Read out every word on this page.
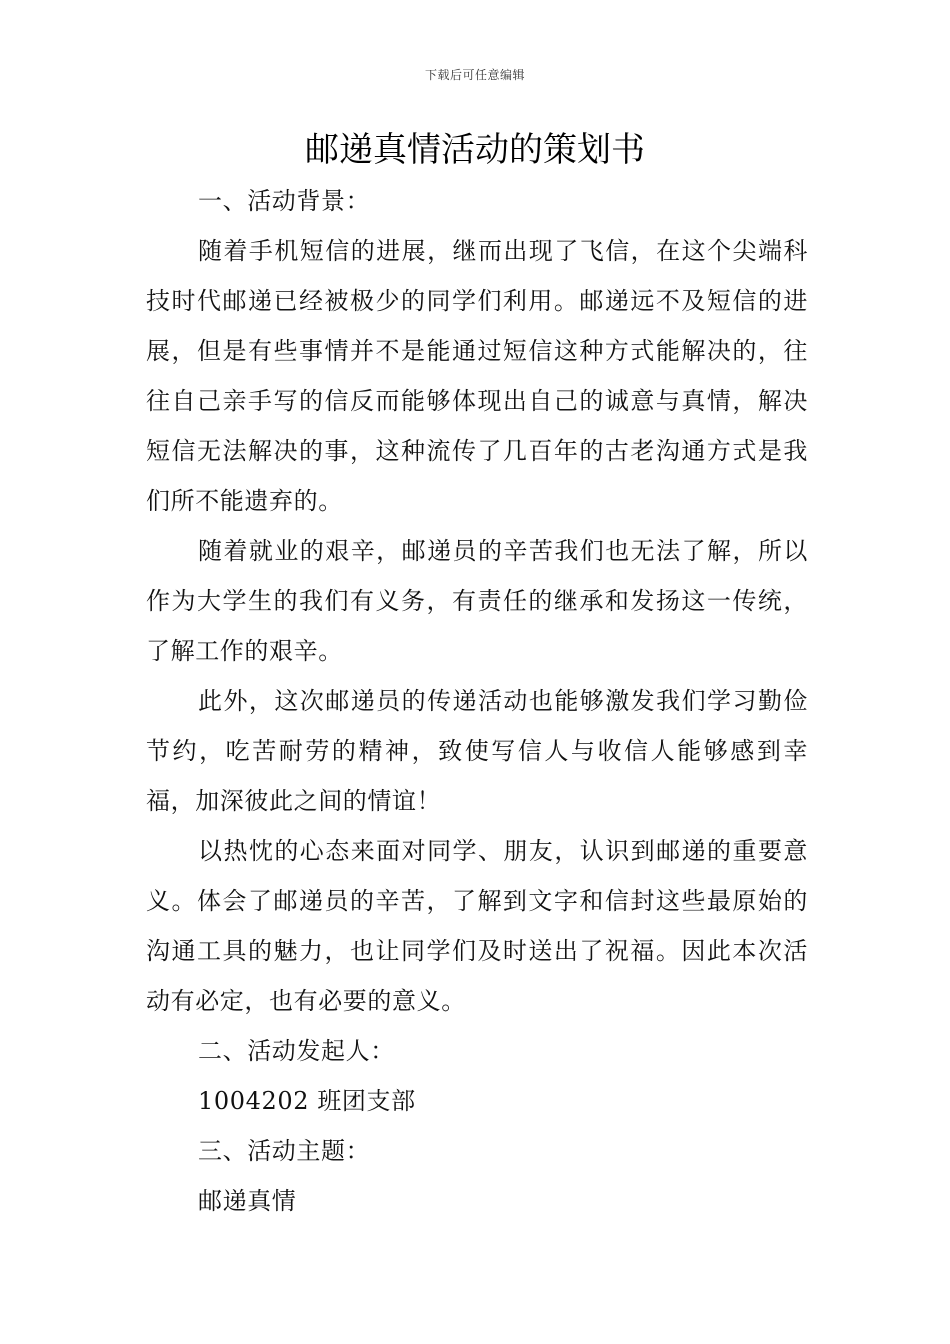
下载后可任意编辑
邮递真情活动的策划书

一、活动背景：

随着手机短信的进展，继而出现了飞信，在这个尖端科技时代邮递已经被极少的同学们利用。邮递远不及短信的进展，但是有些事情并不是能通过短信这种方式能解决的，往往自己亲手写的信反而能够体现出自己的诚意与真情，解决短信无法解决的事，这种流传了几百年的古老沟通方式是我们所不能遗弃的。

随着就业的艰辛，邮递员的辛苦我们也无法了解，所以作为大学生的我们有义务，有责任的继承和发扬这一传统，了解工作的艰辛。

此外，这次邮递员的传递活动也能够激发我们学习勤俭节约，吃苦耐劳的精神，致使写信人与收信人能够感到幸福，加深彼此之间的情谊！

以热忱的心态来面对同学、朋友，认识到邮递的重要意义。体会了邮递员的辛苦，了解到文字和信封这些最原始的沟通工具的魅力，也让同学们及时送出了祝福。因此本次活动有必定，也有必要的意义。

二、活动发起人：

1004202 班团支部

三、活动主题：

邮递真情
